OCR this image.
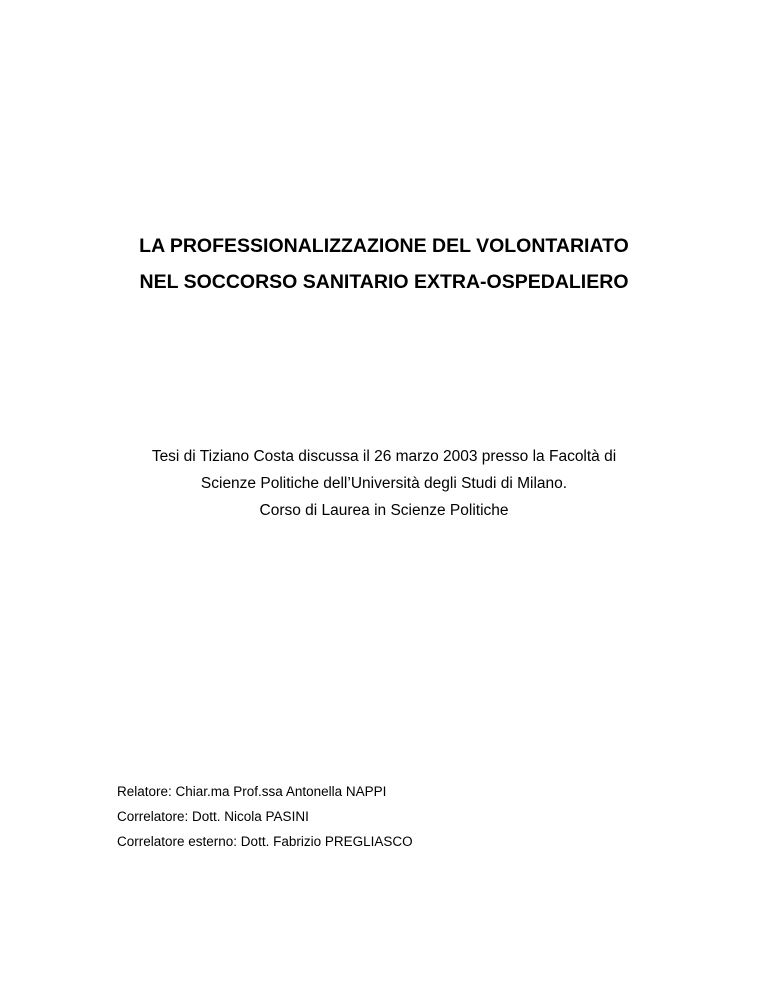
LA PROFESSIONALIZZAZIONE DEL VOLONTARIATO
NEL SOCCORSO SANITARIO EXTRA-OSPEDALIERO
Tesi di Tiziano Costa discussa il 26 marzo 2003 presso la Facoltà di
Scienze Politiche dell’Università degli Studi di Milano.
Corso di Laurea in Scienze Politiche
Relatore: Chiar.ma Prof.ssa Antonella NAPPI
Correlatore: Dott. Nicola PASINI
Correlatore esterno: Dott. Fabrizio PREGLIASCO
